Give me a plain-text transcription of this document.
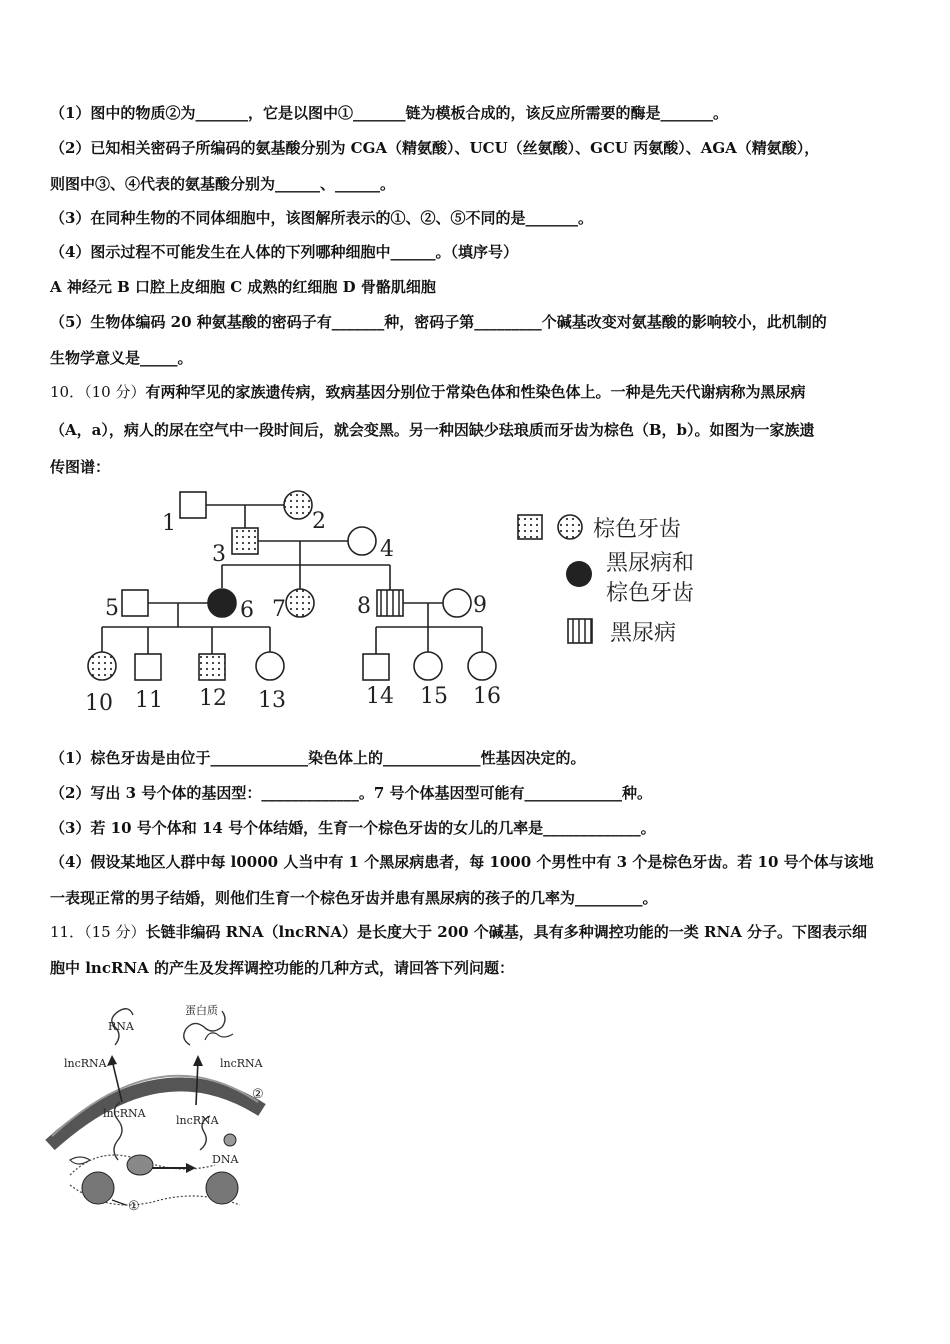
（1）图中的物质②为_______，它是以图中①_______链为模板合成的，该反应所需要的酶是_______。
（2）已知相关密码子所编码的氨基酸分别为 CGA（精氨酸）、UCU（丝氨酸）、GCU 丙氨酸）、AGA（精氨酸），
则图中③、④代表的氨基酸分别为______、______。
（3）在同种生物的不同体细胞中，该图解所表示的①、②、⑤不同的是_______。
（4）图示过程不可能发生在人体的下列哪种细胞中______。（填序号）
A 神经元 B 口腔上皮细胞 C 成熟的红细胞 D 骨骼肌细胞
（5）生物体编码 20 种氨基酸的密码子有_______种，密码子第_________个碱基改变对氨基酸的影响较小，此机制的
生物学意义是_____。
10．（10 分）有两种罕见的家族遗传病，致病基因分别位于常染色体和性染色体上。一种是先天代谢病称为黑尿病
（A，a），病人的尿在空气中一段时间后，就会变黑。另一种因缺少珐琅质而牙齿为棕色（B，b）。如图为一家族遗
传图谱：
1	2
3	4
5	6 7	8	9
10 11 12 13	14 15 16
棕色牙齿
黑尿病和
棕色牙齿
黑尿病
（1）棕色牙齿是由位于_____________染色体上的_____________性基因决定的。
（2）写出 3 号个体的基因型：_____________。7 号个体基因型可能有_____________种。
（3）若 10 号个体和 14 号个体结婚，生育一个棕色牙齿的女儿的几率是_____________。
（4）假设某地区人群中每 l0000 人当中有 1 个黑尿病患者，每 1000 个男性中有 3 个是棕色牙齿。若 10 号个体与该地
一表现正常的男子结婚，则他们生育一个棕色牙齿并患有黑尿病的孩子的几率为_________。
11．（15 分）长链非编码 RNA（lncRNA）是长度大于 200 个碱基，具有多种调控功能的一类 RNA 分子。下图表示细
胞中 lncRNA 的产生及发挥调控功能的几种方式，请回答下列问题：
蛋白质
RNA
lncRNA	lncRNA
lncRNA
lncRNA
DNA
①
②
